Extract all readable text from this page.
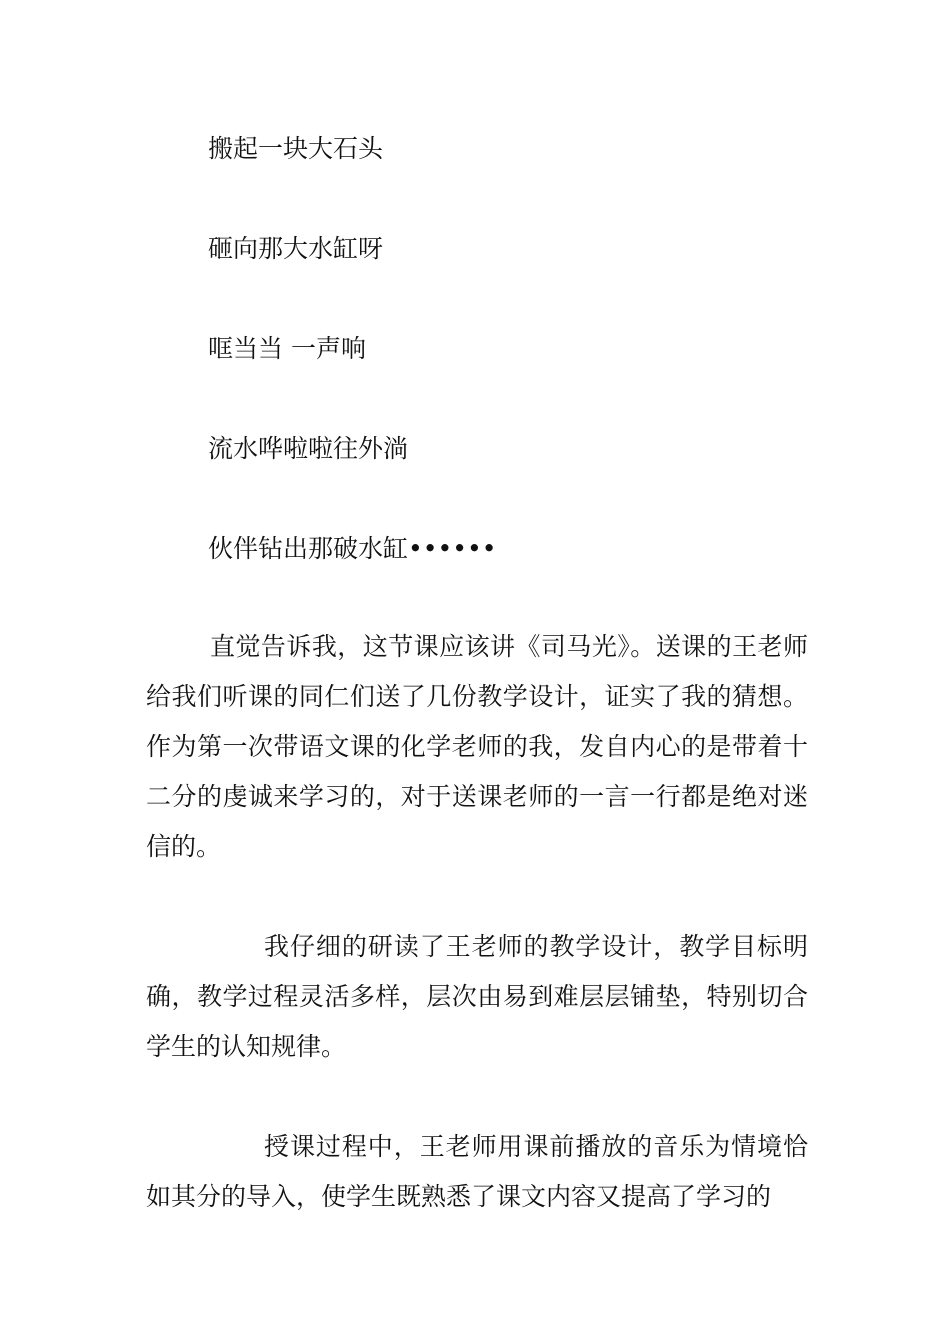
搬起一块大石头
砸向那大水缸呀
哐当当 一声响
流水哗啦啦往外淌
伙伴钻出那破水缸••••••

直觉告诉我，这节课应该讲《司马光》。送课的王老师给我们听课的同仁们送了几份教学设计，证实了我的猜想。作为第一次带语文课的化学老师的我，发自内心的是带着十二分的虔诚来学习的，对于送课老师的一言一行都是绝对迷信的。

我仔细的研读了王老师的教学设计，教学目标明确，教学过程灵活多样，层次由易到难层层铺垫，特别切合学生的认知规律。

授课过程中，王老师用课前播放的音乐为情境恰如其分的导入，使学生既熟悉了课文内容又提高了学习的
